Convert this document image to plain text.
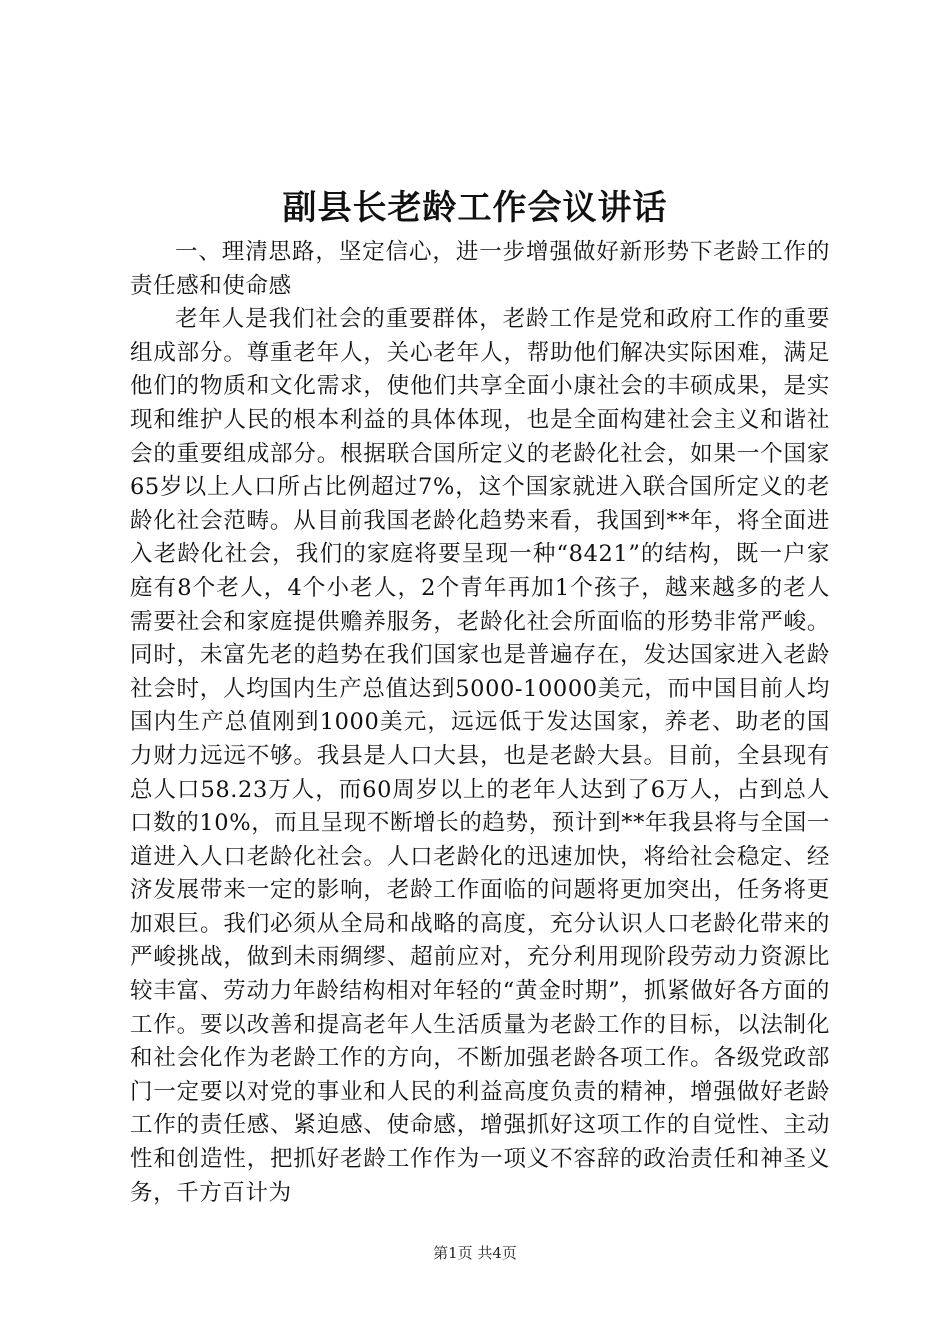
副县长老龄工作会议讲话

一、理清思路，坚定信心，进一步增强做好新形势下老龄工作的责任感和使命感

老年人是我们社会的重要群体，老龄工作是党和政府工作的重要组成部分。尊重老年人，关心老年人，帮助他们解决实际困难，满足他们的物质和文化需求，使他们共享全面小康社会的丰硕成果，是实现和维护人民的根本利益的具体体现，也是全面构建社会主义和谐社会的重要组成部分。根据联合国所定义的老龄化社会，如果一个国家65岁以上人口所占比例超过7%，这个国家就进入联合国所定义的老龄化社会范畴。从目前我国老龄化趋势来看，我国到**年，将全面进入老龄化社会，我们的家庭将要呈现一种“8421”的结构，既一户家庭有8个老人，4个小老人，2个青年再加1个孩子，越来越多的老人需要社会和家庭提供赡养服务，老龄化社会所面临的形势非常严峻。同时，未富先老的趋势在我们国家也是普遍存在，发达国家进入老龄社会时，人均国内生产总值达到5000-10000美元，而中国目前人均国内生产总值刚到1000美元，远远低于发达国家，养老、助老的国力财力远远不够。我县是人口大县，也是老龄大县。目前，全县现有总人口58.23万人，而60周岁以上的老年人达到了6万人，占到总人口数的10%，而且呈现不断增长的趋势，预计到**年我县将与全国一道进入人口老龄化社会。人口老龄化的迅速加快，将给社会稳定、经济发展带来一定的影响，老龄工作面临的问题将更加突出，任务将更加艰巨。我们必须从全局和战略的高度，充分认识人口老龄化带来的严峻挑战，做到未雨绸缪、超前应对，充分利用现阶段劳动力资源比较丰富、劳动力年龄结构相对年轻的“黄金时期”，抓紧做好各方面的工作。要以改善和提高老年人生活质量为老龄工作的目标，以法制化和社会化作为老龄工作的方向，不断加强老龄各项工作。各级党政部门一定要以对党的事业和人民的利益高度负责的精神，增强做好老龄工作的责任感、紧迫感、使命感，增强抓好这项工作的自觉性、主动性和创造性，把抓好老龄工作作为一项义不容辞的政治责任和神圣义务，千方百计为

第1页 共4页
